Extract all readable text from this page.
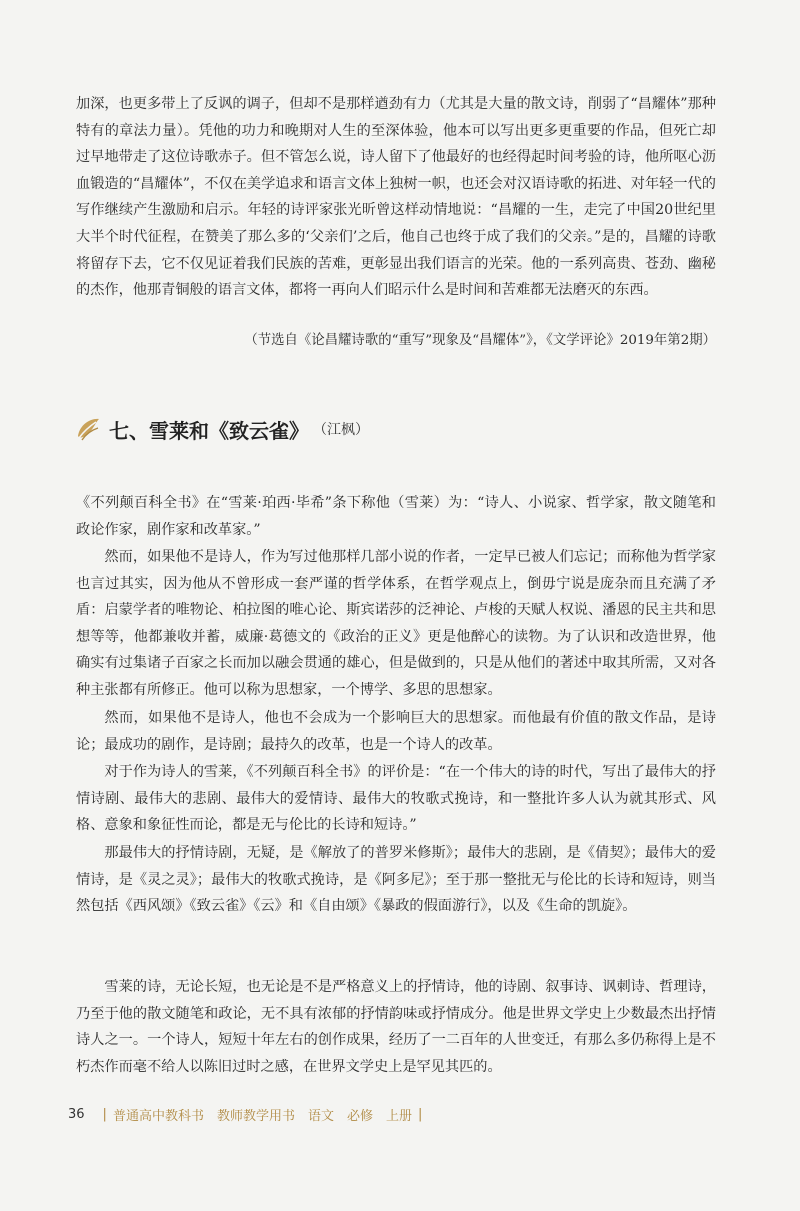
加深，也更多带上了反讽的调子，但却不是那样遒劲有力（尤其是大量的散文诗，削弱了“昌耀体”那种特有的章法力量）。凭他的功力和晚期对人生的至深体验，他本可以写出更多更重要的作品，但死亡却过早地带走了这位诗歌赤子。但不管怎么说，诗人留下了他最好的也经得起时间考验的诗，他所呕心沥血锻造的“昌耀体”，不仅在美学追求和语言文体上独树一帜，也还会对汉语诗歌的拓进、对年轻一代的写作继续产生激励和启示。年轻的诗评家张光昕曾这样动情地说：“昌耀的一生，走完了中国20世纪里大半个时代征程，在赞美了那么多的‘父亲们’之后，他自己也终于成了我们的父亲。”是的，昌耀的诗歌将留存下去，它不仅见证着我们民族的苦难，更彰显出我们语言的光荣。他的一系列高贵、苍劲、幽秘的杰作，他那青铜般的语言文体，都将一再向人们昭示什么是时间和苦难都无法磨灭的东西。

（节选自《论昌耀诗歌的“重写”现象及“昌耀体”》，《文学评论》2019年第2期）

七、雪莱和《致云雀》 （江枫）

《不列颠百科全书》在“雪莱·珀西·毕希”条下称他（雪莱）为：“诗人、小说家、哲学家，散文随笔和政论作家，剧作家和改革家。”

然而，如果他不是诗人，作为写过他那样几部小说的作者，一定早已被人们忘记；而称他为哲学家也言过其实，因为他从不曾形成一套严谨的哲学体系，在哲学观点上，倒毋宁说是庞杂而且充满了矛盾：启蒙学者的唯物论、柏拉图的唯心论、斯宾诺莎的泛神论、卢梭的天赋人权说、潘恩的民主共和思想等等，他都兼收并蓄，威廉·葛德文的《政治的正义》更是他醉心的读物。为了认识和改造世界，他确实有过集诸子百家之长而加以融会贯通的雄心，但是做到的，只是从他们的著述中取其所需，又对各种主张都有所修正。他可以称为思想家，一个博学、多思的思想家。

然而，如果他不是诗人，他也不会成为一个影响巨大的思想家。而他最有价值的散文作品，是诗论；最成功的剧作，是诗剧；最持久的改革，也是一个诗人的改革。

对于作为诗人的雪莱，《不列颠百科全书》的评价是：“在一个伟大的诗的时代，写出了最伟大的抒情诗剧、最伟大的悲剧、最伟大的爱情诗、最伟大的牧歌式挽诗，和一整批许多人认为就其形式、风格、意象和象征性而论，都是无与伦比的长诗和短诗。”

那最伟大的抒情诗剧，无疑，是《解放了的普罗米修斯》；最伟大的悲剧，是《倩契》；最伟大的爱情诗，是《灵之灵》；最伟大的牧歌式挽诗，是《阿多尼》；至于那一整批无与伦比的长诗和短诗，则当然包括《西风颂》《致云雀》《云》和《自由颂》《暴政的假面游行》，以及《生命的凯旋》。

雪莱的诗，无论长短，也无论是不是严格意义上的抒情诗，他的诗剧、叙事诗、讽刺诗、哲理诗，乃至于他的散文随笔和政论，无不具有浓郁的抒情韵味或抒情成分。他是世界文学史上少数最杰出抒情诗人之一。一个诗人，短短十年左右的创作成果，经历了一二百年的人世变迁，有那么多仍称得上是不朽杰作而毫不给人以陈旧过时之感，在世界文学史上是罕见其匹的。

36 | 普通高中教科书　教师教学用书　语文　必修　上册 |
